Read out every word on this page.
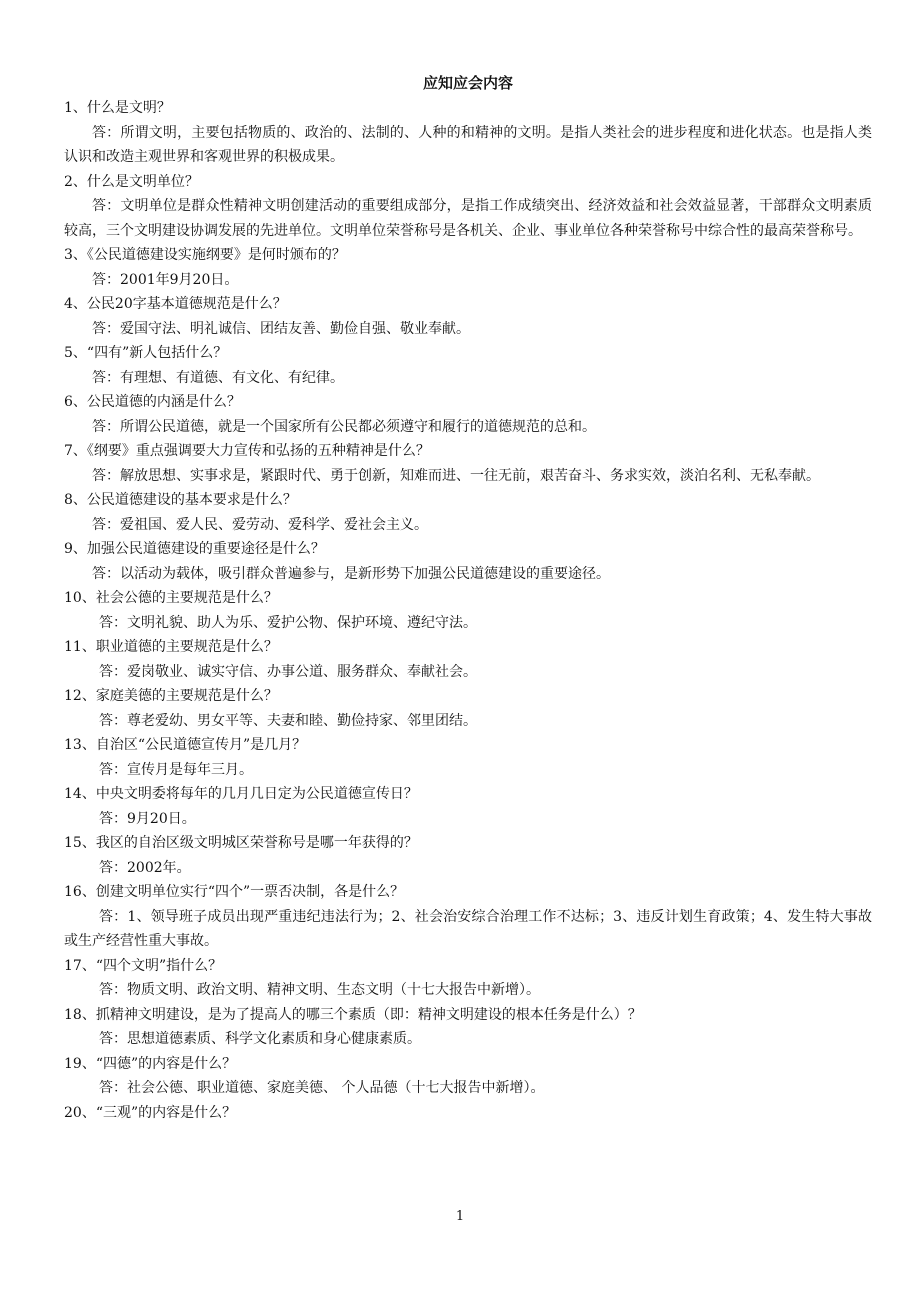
应知应会内容
1、什么是文明？
答：所谓文明，主要包括物质的、政治的、法制的、人种的和精神的文明。是指人类社会的进步程度和进化状态。也是指人类认识和改造主观世界和客观世界的积极成果。
2、什么是文明单位？
答：文明单位是群众性精神文明创建活动的重要组成部分，是指工作成绩突出、经济效益和社会效益显著，干部群众文明素质较高，三个文明建设协调发展的先进单位。文明单位荣誉称号是各机关、企业、事业单位各种荣誉称号中综合性的最高荣誉称号。
3、《公民道德建设实施纲要》是何时颁布的？
答：2001年9月20日。
4、公民20字基本道德规范是什么？
答：爱国守法、明礼诚信、团结友善、勤俭自强、敬业奉献。
5、“四有”新人包括什么？
答：有理想、有道德、有文化、有纪律。
6、公民道德的内涵是什么？
答：所谓公民道德，就是一个国家所有公民都必须遵守和履行的道德规范的总和。
7、《纲要》重点强调要大力宣传和弘扬的五种精神是什么？
答：解放思想、实事求是，紧跟时代、勇于创新，知难而进、一往无前，艰苦奋斗、务求实效，淡泊名利、无私奉献。
8、公民道德建设的基本要求是什么？
答：爱祖国、爱人民、爱劳动、爱科学、爱社会主义。
9、加强公民道德建设的重要途径是什么？
答：以活动为载体，吸引群众普遍参与，是新形势下加强公民道德建设的重要途径。
10、社会公德的主要规范是什么？
答：文明礼貌、助人为乐、爱护公物、保护环境、遵纪守法。
11、职业道德的主要规范是什么？
答：爱岗敬业、诚实守信、办事公道、服务群众、奉献社会。
12、家庭美德的主要规范是什么？
答：尊老爱幼、男女平等、夫妻和睦、勤俭持家、邻里团结。
13、自治区“公民道德宣传月”是几月？
答：宣传月是每年三月。
14、中央文明委将每年的几月几日定为公民道德宣传日？
答：9月20日。
15、我区的自治区级文明城区荣誉称号是哪一年获得的？
答：2002年。
16、创建文明单位实行“四个”一票否决制，各是什么？
答：1、领导班子成员出现严重违纪违法行为；2、社会治安综合治理工作不达标；3、违反计划生育政策；4、发生特大事故或生产经营性重大事故。
17、“四个文明”指什么？
答：物质文明、政治文明、精神文明、生态文明（十七大报告中新增）。
18、抓精神文明建设，是为了提高人的哪三个素质（即：精神文明建设的根本任务是什么）？
答：思想道德素质、科学文化素质和身心健康素质。
19、“四德”的内容是什么？
答：社会公德、职业道德、家庭美德、 个人品德（十七大报告中新增）。
20、“三观”的内容是什么？
1
